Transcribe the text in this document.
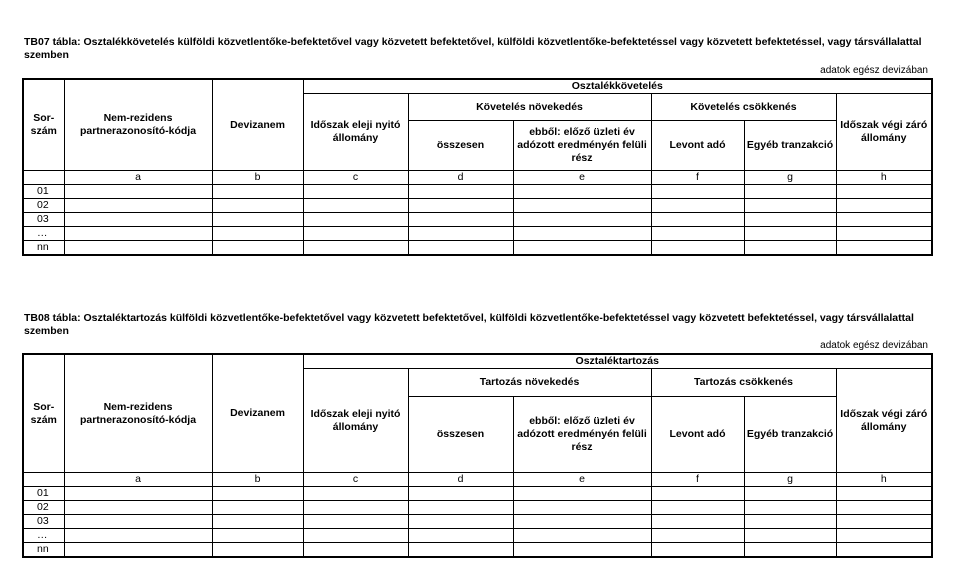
TB07 tábla: Osztalékkövetelés külföldi közvetlentőke-befektetővel vagy közvetett befektetővel, külföldi közvetlentőke-befektetéssel vagy közvetett befektetéssel, vagy társvállalattal szemben
adatok egész devizában
Sor-
szám	Nem-rezidens partnerazonosító-kódja	Devizanem	Osztalékkövetelés					
			Időszak eleji nyitó állomány	Követelés növekedés		Követelés csökkenés		Időszak végi záró állomány
				összesen	ebből: előző üzleti év adózott eredményén felüli rész	Levont adó	Egyéb tranzakció	
	a	b	c	d	e	f	g	h
01								
02								
03								
…								
nn								
TB08 tábla: Osztaléktartozás külföldi közvetlentőke-befektetővel vagy közvetett befektetővel, külföldi közvetlentőke-befektetéssel vagy közvetett befektetéssel, vagy társvállalattal szemben
adatok egész devizában
Sor-
szám	Nem-rezidens partnerazonosító-kódja	Devizanem	Osztaléktartozás					
			Időszak eleji nyitó állomány	Tartozás növekedés		Tartozás csökkenés		Időszak végi záró állomány
				összesen	ebből: előző üzleti év adózott eredményén felüli rész	Levont adó	Egyéb tranzakció	
	a	b	c	d	e	f	g	h
01								
02								
03								
…								
nn								
